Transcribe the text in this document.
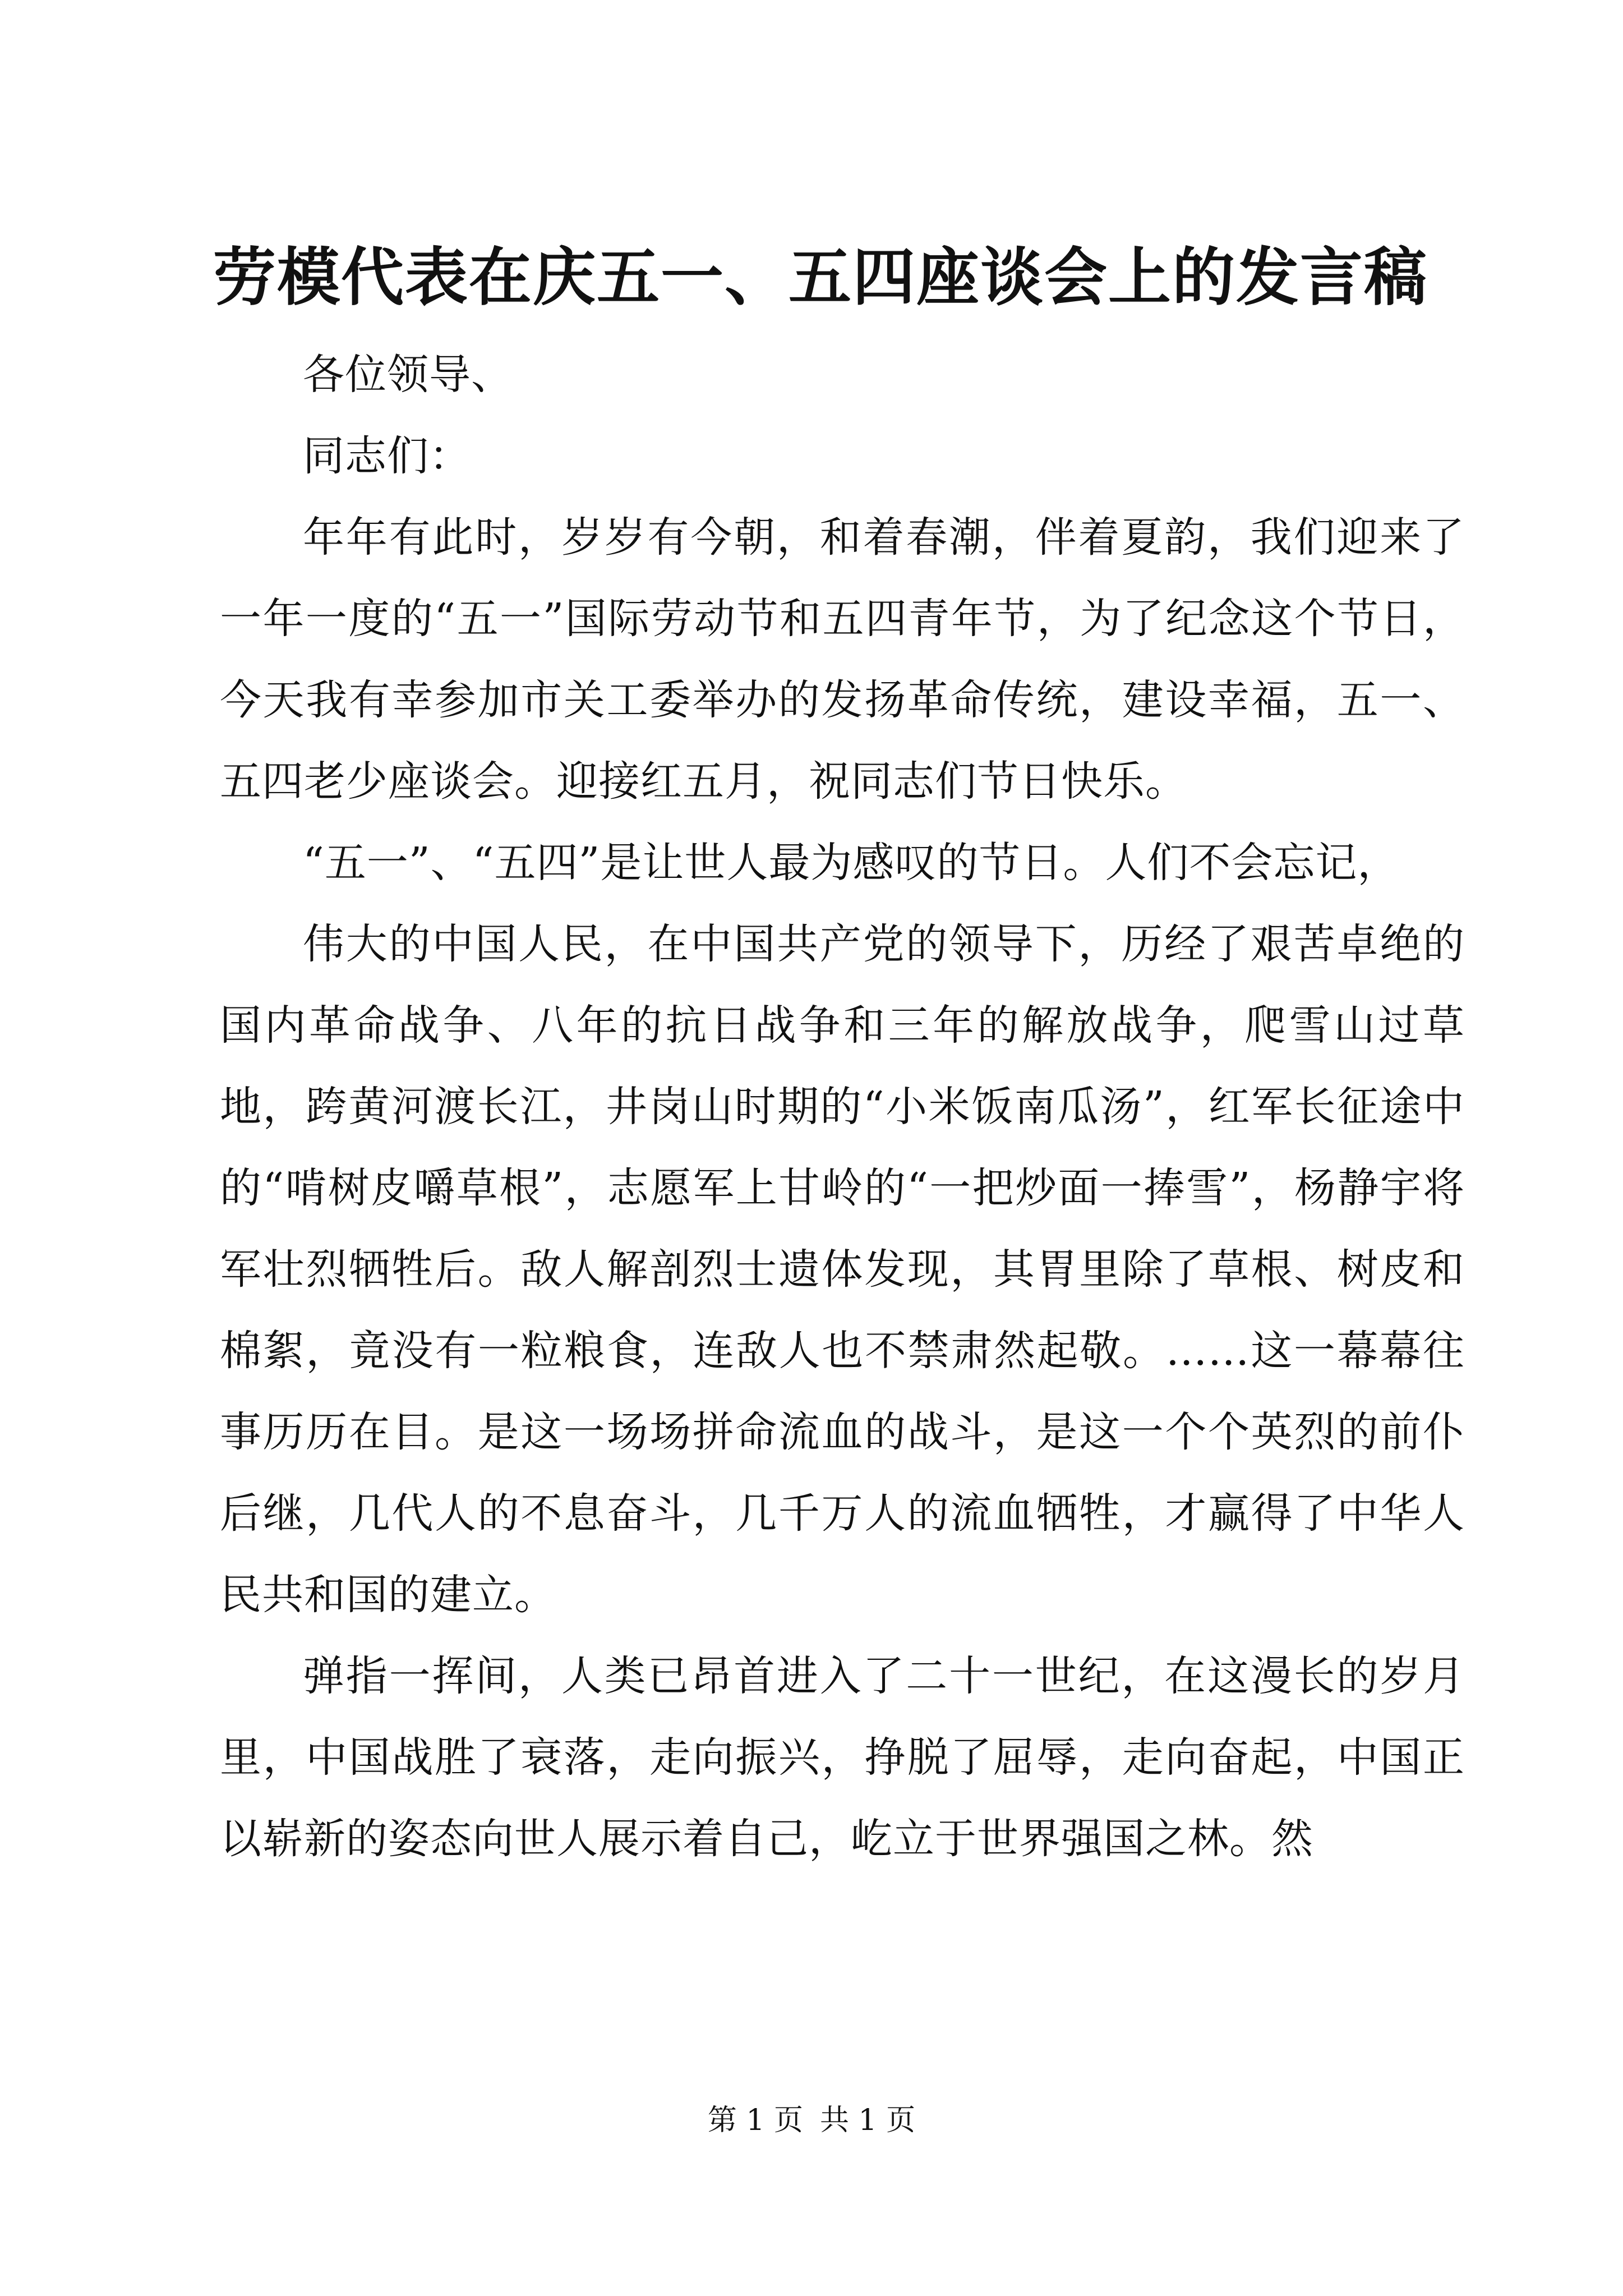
劳模代表在庆五一、五四座谈会上的发言稿

各位领导、

同志们：

年年有此时，岁岁有今朝，和着春潮，伴着夏韵，我们迎来了一年一度的“五一”国际劳动节和五四青年节，为了纪念这个节日，今天我有幸参加市关工委举办的发扬革命传统，建设幸福，五一、五四老少座谈会。迎接红五月，祝同志们节日快乐。

“五一”、“五四”是让世人最为感叹的节日。人们不会忘记，

伟大的中国人民，在中国共产党的领导下，历经了艰苦卓绝的国内革命战争、八年的抗日战争和三年的解放战争，爬雪山过草地，跨黄河渡长江，井岗山时期的“小米饭南瓜汤”，红军长征途中的“啃树皮嚼草根”，志愿军上甘岭的“一把炒面一捧雪”，杨静宇将军壮烈牺牲后。敌人解剖烈士遗体发现，其胃里除了草根、树皮和棉絮，竟没有一粒粮食，连敌人也不禁肃然起敬。……这一幕幕往事历历在目。是这一场场拼命流血的战斗，是这一个个英烈的前仆后继，几代人的不息奋斗，几千万人的流血牺牲，才赢得了中华人民共和国的建立。

弹指一挥间，人类已昂首进入了二十一世纪，在这漫长的岁月里，中国战胜了衰落，走向振兴，挣脱了屈辱，走向奋起，中国正以崭新的姿态向世人展示着自己，屹立于世界强国之林。然

第 1 页 共 1 页
